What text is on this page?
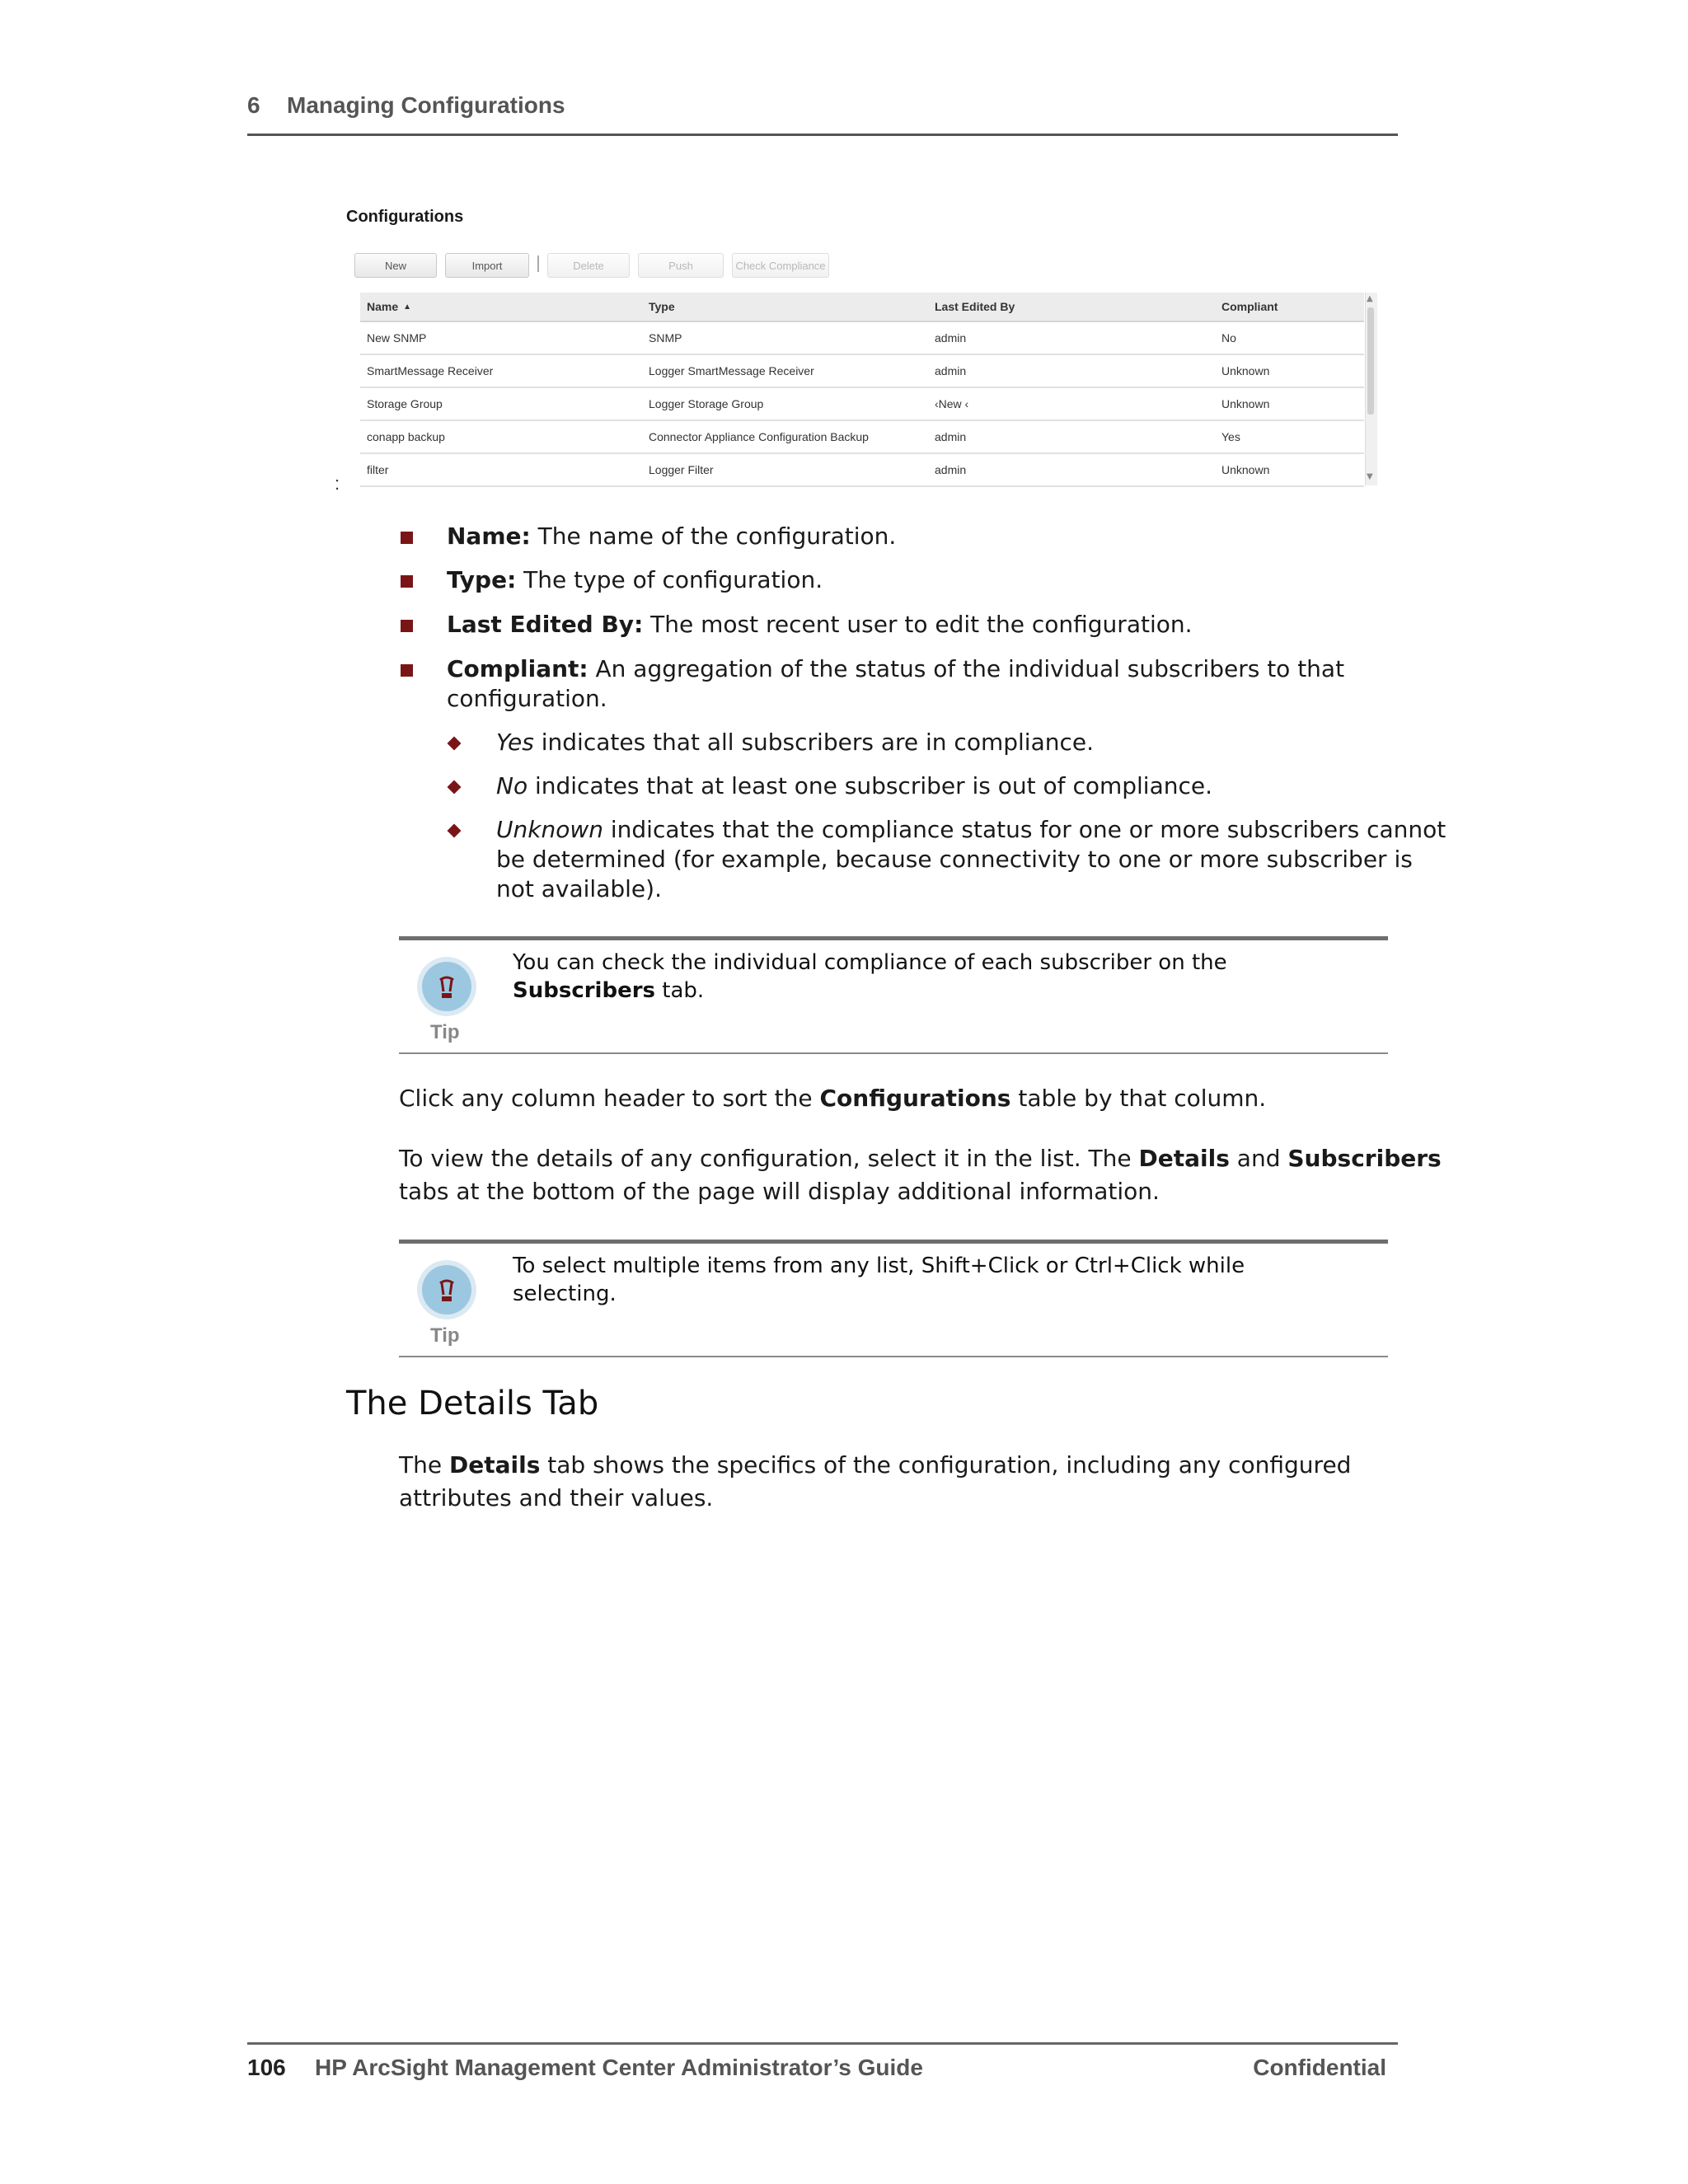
6 Managing Configurations
Configurations
New	Import	Delete	Push	Check Compliance
Name ▲	Type	Last Edited By	Compliant
New SNMP	SNMP	admin	No
SmartMessage Receiver	Logger SmartMessage Receiver	admin	Unknown
Storage Group	Logger Storage Group	‹New ‹	Unknown
conapp backup	Connector Appliance Configuration Backup	admin	Yes
filter	Logger Filter	admin	Unknown
▲
▼
:
Name: The name of the configuration.
Type: The type of configuration.
Last Edited By: The most recent user to edit the configuration.
Compliant: An aggregation of the status of the individual subscribers to that
configuration.
Yes indicates that all subscribers are in compliance.
No indicates that at least one subscriber is out of compliance.
Unknown indicates that the compliance status for one or more subscribers cannot
be determined (for example, because connectivity to one or more subscriber is
not available).
Tip
You can check the individual compliance of each subscriber on the
Subscribers tab.
Click any column header to sort the Configurations table by that column.
To view the details of any configuration, select it in the list. The Details and Subscribers
tabs at the bottom of the page will display additional information.
Tip
To select multiple items from any list, Shift+Click or Ctrl+Click while
selecting.
The Details Tab
The Details tab shows the specifics of the configuration, including any configured
attributes and their values.
106 HP ArcSight Management Center Administrator’s Guide	Confidential
